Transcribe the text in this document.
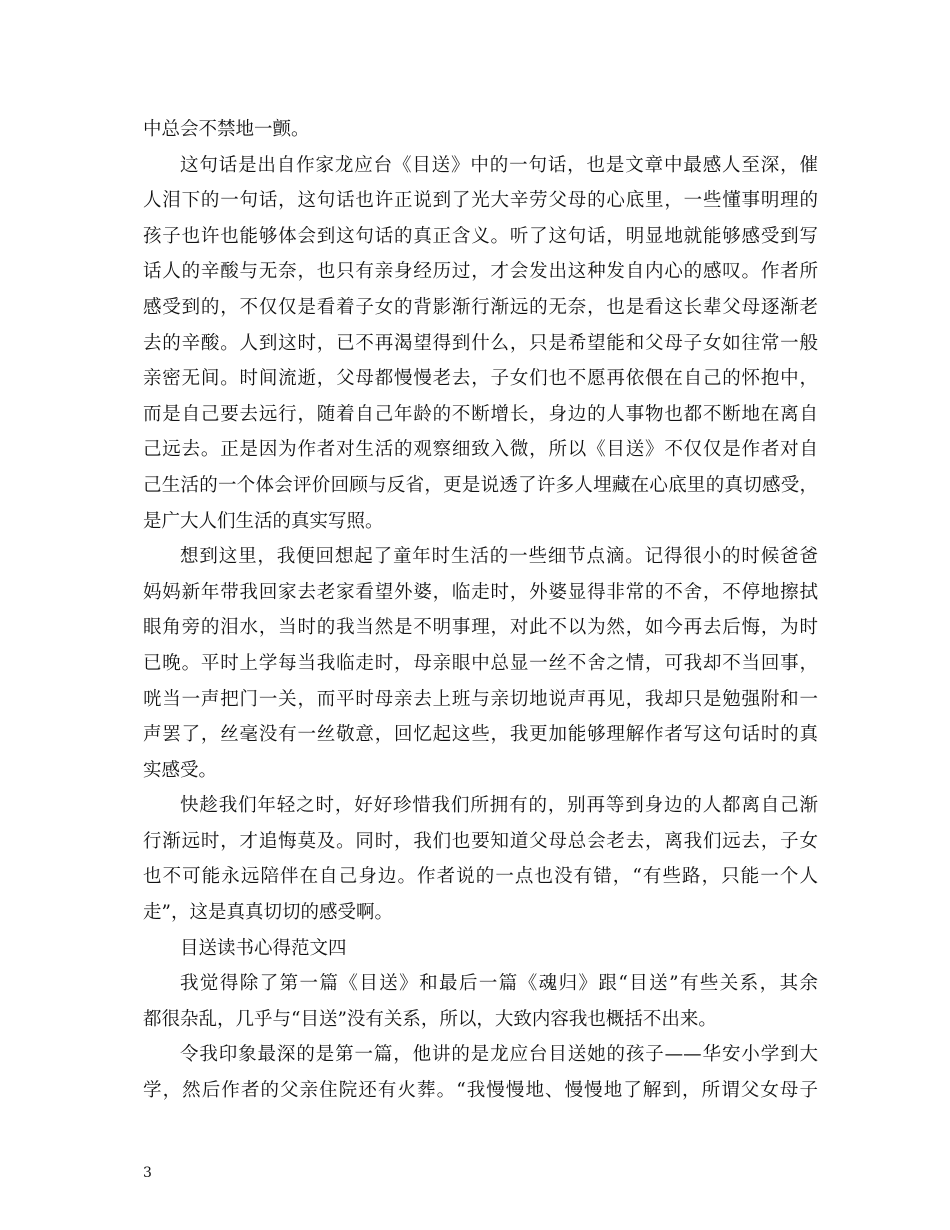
中总会不禁地一颤。
这句话是出自作家龙应台《目送》中的一句话，也是文章中最感人至深，催
人泪下的一句话，这句话也许正说到了光大辛劳父母的心底里，一些懂事明理的
孩子也许也能够体会到这句话的真正含义。听了这句话，明显地就能够感受到写
话人的辛酸与无奈，也只有亲身经历过，才会发出这种发自内心的感叹。作者所
感受到的，不仅仅是看着子女的背影渐行渐远的无奈，也是看这长辈父母逐渐老
去的辛酸。人到这时，已不再渴望得到什么，只是希望能和父母子女如往常一般
亲密无间。时间流逝，父母都慢慢老去，子女们也不愿再依偎在自己的怀抱中，
而是自己要去远行，随着自己年龄的不断增长，身边的人事物也都不断地在离自
己远去。正是因为作者对生活的观察细致入微，所以《目送》不仅仅是作者对自
己生活的一个体会评价回顾与反省，更是说透了许多人埋藏在心底里的真切感受，
是广大人们生活的真实写照。
想到这里，我便回想起了童年时生活的一些细节点滴。记得很小的时候爸爸
妈妈新年带我回家去老家看望外婆，临走时，外婆显得非常的不舍，不停地擦拭
眼角旁的泪水，当时的我当然是不明事理，对此不以为然，如今再去后悔，为时
已晚。平时上学每当我临走时，母亲眼中总显一丝不舍之情，可我却不当回事，
咣当一声把门一关，而平时母亲去上班与亲切地说声再见，我却只是勉强附和一
声罢了，丝毫没有一丝敬意，回忆起这些，我更加能够理解作者写这句话时的真
实感受。
快趁我们年轻之时，好好珍惜我们所拥有的，别再等到身边的人都离自己渐
行渐远时，才追悔莫及。同时，我们也要知道父母总会老去，离我们远去，子女
也不可能永远陪伴在自己身边。作者说的一点也没有错，“有些路，只能一个人
走”，这是真真切切的感受啊。
目送读书心得范文四
我觉得除了第一篇《目送》和最后一篇《魂归》跟“目送”有些关系，其余
都很杂乱，几乎与“目送”没有关系，所以，大致内容我也概括不出来。
令我印象最深的是第一篇，他讲的是龙应台目送她的孩子——华安小学到大
学，然后作者的父亲住院还有火葬。“我慢慢地、慢慢地了解到，所谓父女母子
3
